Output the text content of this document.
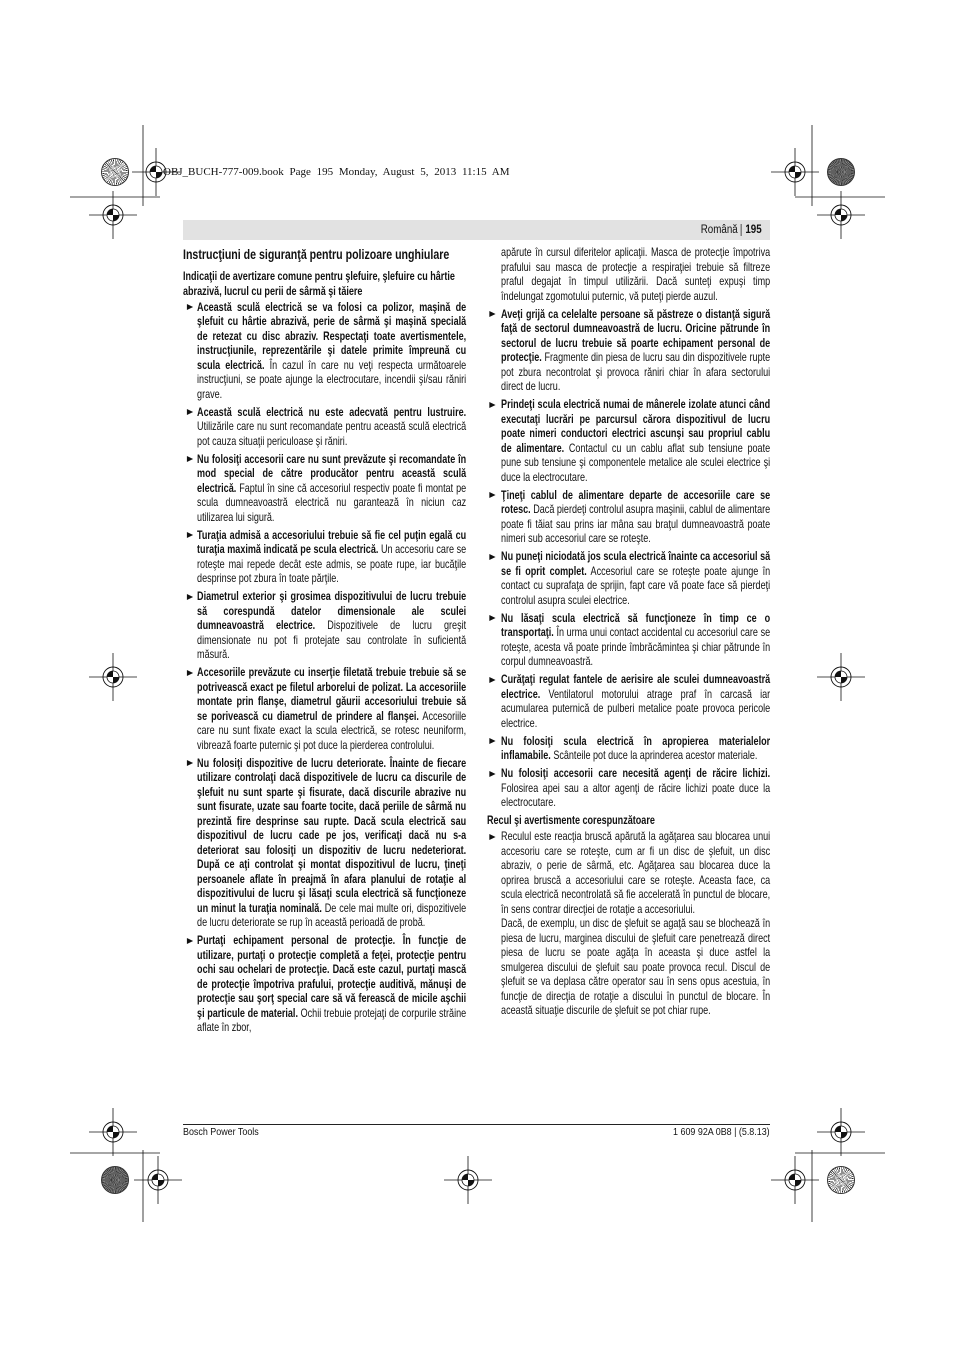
OBJ_BUCH-777-009.book Page 195 Monday, August 5, 2013 11:15 AM
Română 195
Instrucţiuni de siguranţă pentru polizoare unghiulare
Indicaţii de avertizare comune pentru şlefuire, şlefuire cu hârtie abrazivă, lucrul cu perii de sârmă şi tăiere
Această sculă electrică se va folosi ca polizor, maşină de şlefuit cu hârtie abrazivă, perie de sârmă şi maşină specială de retezat cu disc abraziv. Respectaţi toate avertismentele, instrucţiunile, reprezentările şi datele primite împreună cu scula electrică. În cazul în care nu veţi respecta următoarele instrucţiuni, se poate ajunge la electrocutare, incendii şi/sau răniri grave.
Această sculă electrică nu este adecvată pentru lustruire. Utilizările care nu sunt recomandate pentru această sculă electrică pot cauza situaţii periculoase şi răniri.
Nu folosiţi accesorii care nu sunt prevăzute şi recomandate în mod special de către producător pentru această sculă electrică. Faptul în sine că accesoriul respectiv poate fi montat pe scula dumneavoastră electrică nu garantează în niciun caz utilizarea lui sigură.
Turaţia admisă a accesoriului trebuie să fie cel puţin egală cu turaţia maximă indicată pe scula electrică. Un accesoriu care se roteşte mai repede decât este admis, se poate rupe, iar bucăţile desprinse pot zbura în toate părţile.
Diametrul exterior şi grosimea dispozitivului de lucru trebuie să corespundă datelor dimensionale ale sculei dumneavoastră electrice. Dispozitivele de lucru greşit dimensionate nu pot fi protejate sau controlate în suficientă măsură.
Accesoriile prevăzute cu inserţie filetată trebuie trebuie să se potrivească exact pe filetul arborelui de polizat. La accesoriile montate prin flanşe, diametrul găurii accesoriului trebuie să se porivească cu diametrul de prindere al flanşei. Accesoriile care nu sunt fixate exact la scula electrică, se rotesc neuniform, vibrează foarte puternic şi pot duce la pierderea controlului.
Nu folosiţi dispozitive de lucru deteriorate. Înainte de fiecare utilizare controlaţi dacă dispozitivele de lucru ca discurile de şlefuit nu sunt sparte şi fisurate, dacă discurile abrazive nu sunt fisurate, uzate sau foarte tocite, dacă periile de sârmă nu prezintă fire desprinse sau rupte. Dacă scula electrică sau dispozitivul de lucru cade pe jos, verificaţi dacă nu s-a deteriorat sau folosiţi un dispozitiv de lucru nedeteriorat. După ce aţi controlat şi montat dispozitivul de lucru, ţineţi persoanele aflate în preajmă în afara planului de rotaţie al dispozitivului de lucru şi lăsaţi scula electrică să funcţioneze un minut la turaţia nominală. De cele mai multe ori, dispozitivele de lucru deteriorate se rup în această perioadă de probă.
Purtaţi echipament personal de protecţie. În funcţie de utilizare, purtaţi o protecţie completă a feţei, protecţie pentru ochi sau ochelari de protecţie. Dacă este cazul, purtaţi mască de protecţie împotriva prafului, protecţie auditivă, mănuşi de protecţie sau şorţ special care să vă ferească de micile aşchii şi particule de material. Ochii trebuie protejaţi de corpurile străine aflate în zbor,
apărute în cursul diferitelor aplicaţii. Masca de protecţie împotriva prafului sau masca de protecţie a respiraţiei trebuie să filtreze praful degajat în timpul utilizării. Dacă sunteţi expuşi timp îndelungat zgomotului puternic, vă puteţi pierde auzul.
Aveţi grijă ca celelalte persoane să păstreze o distanţă sigură faţă de sectorul dumneavoastră de lucru. Oricine pătrunde în sectorul de lucru trebuie să poarte echipament personal de protecţie. Fragmente din piesa de lucru sau din dispozitivele rupte pot zbura necontrolat şi provoca răniri chiar în afara sectorului direct de lucru.
Prindeţi scula electrică numai de mânerele izolate atunci când executaţi lucrări pe parcursul cărora dispozitivul de lucru poate nimeri conductori electrici ascunşi sau propriul cablu de alimentare. Contactul cu un cablu aflat sub tensiune poate pune sub tensiune şi componentele metalice ale sculei electrice şi duce la electrocutare.
Ţineţi cablul de alimentare departe de accesoriile care se rotesc. Dacă pierdeţi controlul asupra maşinii, cablul de alimentare poate fi tăiat sau prins iar mâna sau braţul dumneavoastră poate nimeri sub accesoriul care se roteşte.
Nu puneţi niciodată jos scula electrică înainte ca accesoriul să se fi oprit complet. Accesoriul care se roteşte poate ajunge în contact cu suprafaţa de sprijin, fapt care vă poate face să pierdeţi controlul asupra sculei electrice.
Nu lăsaţi scula electrică să funcţioneze în timp ce o transportaţi. În urma unui contact accidental cu accesoriul care se roteşte, acesta vă poate prinde îmbrăcămintea şi chiar pătrunde în corpul dumneavoastră.
Curăţaţi regulat fantele de aerisire ale sculei dumneavoastră electrice. Ventilatorul motorului atrage praf în carcasă iar acumularea puternică de pulberi metalice poate provoca pericole electrice.
Nu folosiţi scula electrică în apropierea materialelor inflamabile. Scânteile pot duce la aprinderea acestor materiale.
Nu folosiţi accesorii care necesită agenţi de răcire lichizi. Folosirea apei sau a altor agenţi de răcire lichizi poate duce la electrocutare.
Recul şi avertismente corespunzătoare
Reculul este reacţia bruscă apărută la agăţarea sau blocarea unui accesoriu care se roteşte, cum ar fi un disc de şlefuit, un disc abraziv, o perie de sârmă, etc. Agăţarea sau blocarea duce la oprirea bruscă a accesoriului care se roteşte. Aceasta face, ca scula electrică necontrolată să fie accelerată în punctul de blocare, în sens contrar direcţiei de rotaţie a accesoriului.
Dacă, de exemplu, un disc de şlefuit se agaţă sau se blochează în piesa de lucru, marginea discului de şlefuit care penetrează direct piesa de lucru se poate agăţa în aceasta şi duce astfel la smulgerea discului de şlefuit sau poate provoca recul. Discul de şlefuit se va deplasa către operator sau în sens opus acestuia, în funcţie de direcţia de rotaţie a discului în punctul de blocare. În această situaţie discurile de şlefuit se pot chiar rupe.
Bosch Power Tools	1 609 92A 0B8 | (5.8.13)
